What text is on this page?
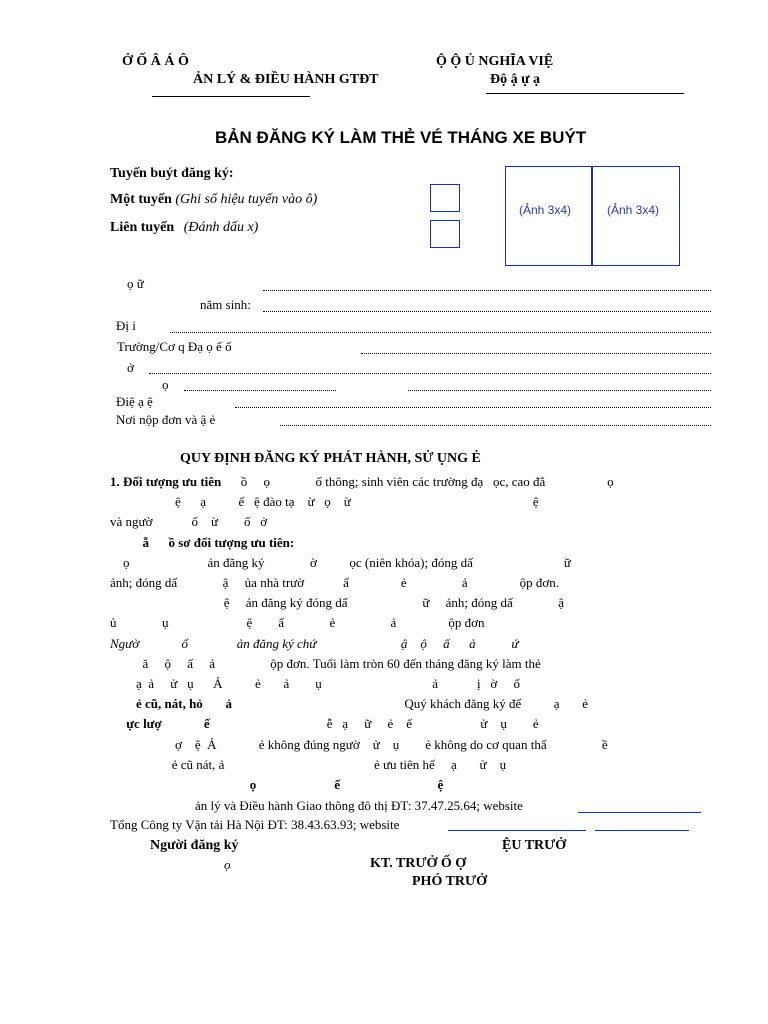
Ở Ố Â Á Ô
ẢN LÝ & ĐIỀU HÀNH GTĐT
Ộ Ộ Ủ NGHĨA VIỆ
Độ ậ ự ạ
BẢN ĐĂNG KÝ LÀM THẺ VÉ THÁNG XE BUÝT
Tuyến buýt đăng ký:
Một tuyến (Ghi số hiệu tuyến vào ô)
Liên tuyến (Đánh dấu x)
(Ảnh 3x4)	(Ảnh 3x4)
ọ ữ
năm sinh:
Đị i
Trường/Cơ q Đạ ọ ế ố
ở
ọ
Điệ ạ ệ
Nơi nộp đơn và ậ ẻ
QUY ĐỊNH ĐĂNG KÝ PHÁT HÀNH, SỬ ỤNG Ẻ
1. Đối tượng ưu tiên      ồ     ọ              ố thông; sinh viên các trường đạ   ọc, cao đẳ                   ọ
ệ      ạ          ế   ệ đào tạ    ừ   ọ    ừ                                                        ệ
và ngườ            ố    ừ        ố   ở
ẫ      ồ sơ đối tượng ưu tiên:
ọ                        ản đăng ký              ờ          ọc (niên khóa); đóng dấ                            ữ
ảnh; đóng dấ              ậ     ủa nhà trườ            ấ                ẻ                 ả                ộp đơn.
ệ     ản đăng ký đóng dấ                       ữ     ảnh; đóng dấ              ậ
ủ              ụ                        ệ        ấ              ẻ                 ả                ộp đơn
Ngườ             ổ               ản đăng ký chứ                          ậ    ộ     ấ      ả           ứ
ă     ộ     ấ     ả                 ộp đơn. Tuổi làm tròn 60 đến tháng đăng ký làm thẻ
ạ  ả     ử   ụ      Ả          ẻ       ả        ụ                                  ả            ị   ờ     ố
ẻ cũ, nát, hỏ       ả                                                     Quý khách đăng ký để          ạ       ẻ
ực lượ             ế                                    ễ   ạ     ữ     ẻ    ế                     ử    ụ        ẻ
ợ    ệ  Ả             ẻ không đúng ngườ    ử    ụ        ẻ không do cơ quan thẩ                 ề
ẻ cũ nát, ả                                              ẻ ưu tiên hế     ạ       ử    ụ
ọ                        ế                              ệ
ản lý và Điều hành Giao thông đô thị ĐT: 37.47.25.64; website
Tổng Công ty Vận tải Hà Nội ĐT: 38.43.63.93; website
Người đăng ký
ọ
ỆU TRƯỞ
KT. TRƯỞ Ố Ợ
PHÓ TRƯỞ
